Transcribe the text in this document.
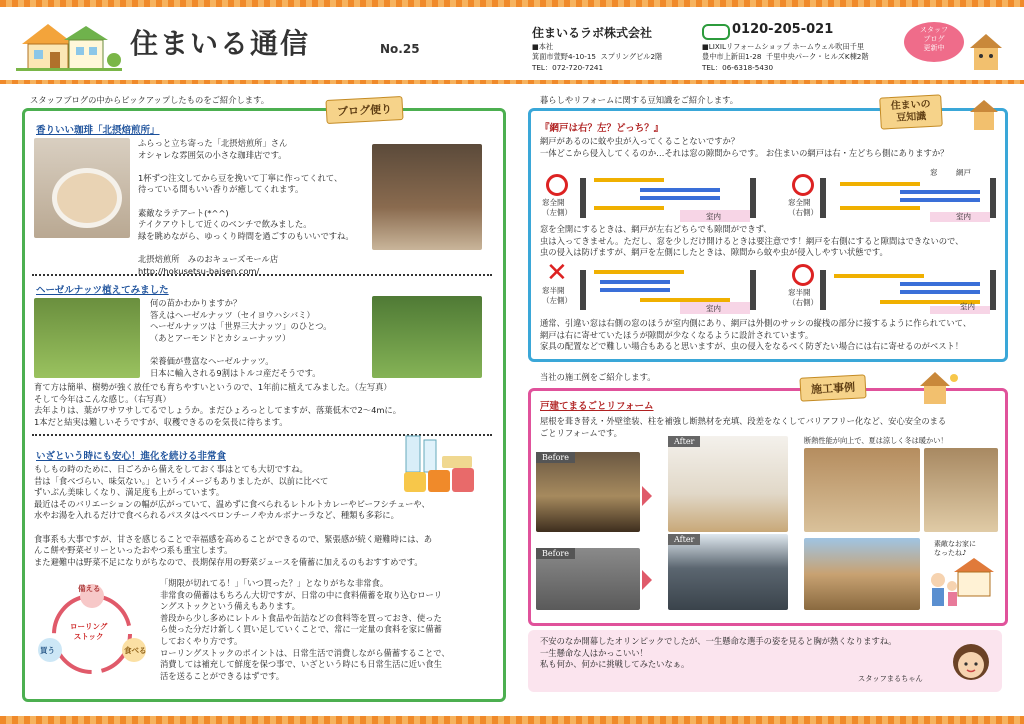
住まいる通信	No.25
住まいるラボ株式会社
■本社
箕面市萱野4-10-15  スプリングビル2階
TEL：072-720-7241
0120-205-021
■LIXILリフォームショップ ホームウェル吹田千里
豊中市上新田1-28  千里中央パーク・ヒルズK棟2階
TEL：06-6318-5430
スタッフ
ブログ
更新中
スタッフブログの中からピックアップしたものをご紹介します。
ブログ便り
香りいい珈琲「北摂焙煎所」
ふらっと立ち寄った「北摂焙煎所」さん
オシャレな雰囲気の小さな珈琲店です。

1杯ずつ注文してから豆を挽いて丁寧に作ってくれて、
待っている間もいい香りが癒してくれます。

素敵なラテアート(*^^)
テイクアウトして近くのベンチで飲みました。
緑を眺めながら、ゆっくり時間を過ごすのもいいですね。

北摂焙煎所　みのおキューズモール店
http://hokusetsu-baisen.com/
ヘーゼルナッツ植えてみました
何の苗かわかりますか？
答えはヘーゼルナッツ（セイヨウハシバミ）
ヘーゼルナッツは「世界三大ナッツ」のひとつ。
（あとアーモンドとカシューナッツ）

栄養価が豊富なヘーゼルナッツ。
日本に輸入される9割はトルコ産だそうです。
育て方は簡単、樹勢が強く放任でも育ちやすいというので、1年前に植えてみました。（左写真）
そして今年はこんな感じ。（右写真）
去年よりは、葉がワサワサしてるでしょうか。まだひょろっとしてますが、落葉低木で2～4mに。
1本だと結実は難しいそうですが、収穫できるのを気長に待ちます。
いざという時にも安心！進化を続ける非常食
もしもの時のために、日ごろから備えをしておく事はとても大切ですね。
昔は「食べづらい、味気ない。」というイメージもありましたが、以前に比べて
ずいぶん美味しくなり、満足度も上がっています。
最近はそのバリエーションの幅が広がっていて、温めずに食べられるレトルトカレーやビーフシチューや、
水やお湯を入れるだけで食べられるパスタはペペロンチーノやカルボナーラなど、種類も多彩に。

食事系も大事ですが、甘さを感じることで幸福感を高めることができるので、緊張感が続く避難時には、あ
んこ餅や野菜ゼリーといったおやつ系も重宝します。
また避難中は野菜不足になりがちなので、長期保存用の野菜ジュースを備蓄に加えるのもおすすめです。
備える
ローリング
ストック
買う	食べる
「期限が切れてる！」「いつ買った？」となりがちな非常食。
非常食の備蓄はもちろん大切ですが、日常の中に食料備蓄を取り込むローリ
ングストックという備えもあります。
普段から少し多めにレトルト食品や缶詰などの食料等を買っておき、使った
ら使った分だけ新しく買い足していくことで、常に一定量の食料を家に備蓄
しておくやり方です。
ローリングストックのポイントは、日常生活で消費しながら備蓄することで、
消費しては補充して鮮度を保つ事で、いざという時にも日常生活に近い食生
活を送ることができるはずです。
暮らしやリフォームに関する豆知識をご紹介します。	住まいの
豆知識
『網戸は右？左？どっち？』
網戸があるのに蚊や虫が入ってくることないですか？
一体どこから侵入してくるのか…それは窓の隙間からです。 お住まいの網戸は右・左どちら側にありますか？
窓全開
（左側）	室内
窓全開
（右側）
窓 網戸
室内
窓を全開にするときは、網戸が左右どちらでも隙間ができず、
虫は入ってきません。ただし、窓を少しだけ開けるときは要注意です！網戸を右側にすると隙間はできないので、
虫の侵入は防げますが、網戸を左側にしたときは、隙間から蚊や虫が侵入しやすい状態です。
✕
窓半開
（左側）
室内
窓半開
（右側）	室内
通常、引違い窓は右側の窓のほうが室内側にあり、網戸は外側のサッシの縦桟の部分に接するように作られていて、
網戸は右に寄せていたほうが隙間が少なくなるように設計されています。
家具の配置などで難しい場合もあると思いますが、虫の侵入をなるべく防ぎたい場合には右に寄せるのがベスト！
当社の施工例をご紹介します。
施工事例
戸建てまるごとリフォーム
屋根を葺き替え・外壁塗装、柱を補強し断熱材を充填、段差をなくしてバリアフリー化など、安心安全のまる
ごとリフォームです。
Before
After	断熱性能が向上で、夏は涼しく冬は暖かい！
Before
After	素敵なお家に
なったね♪
不安のなか開幕したオリンピックでしたが、一生懸命な選手の姿を見ると胸が熱くなりますね。
一生懸命な人はかっこいい！
私も何か、何かに挑戦してみたいなぁ。
スタッフまるちゃん
